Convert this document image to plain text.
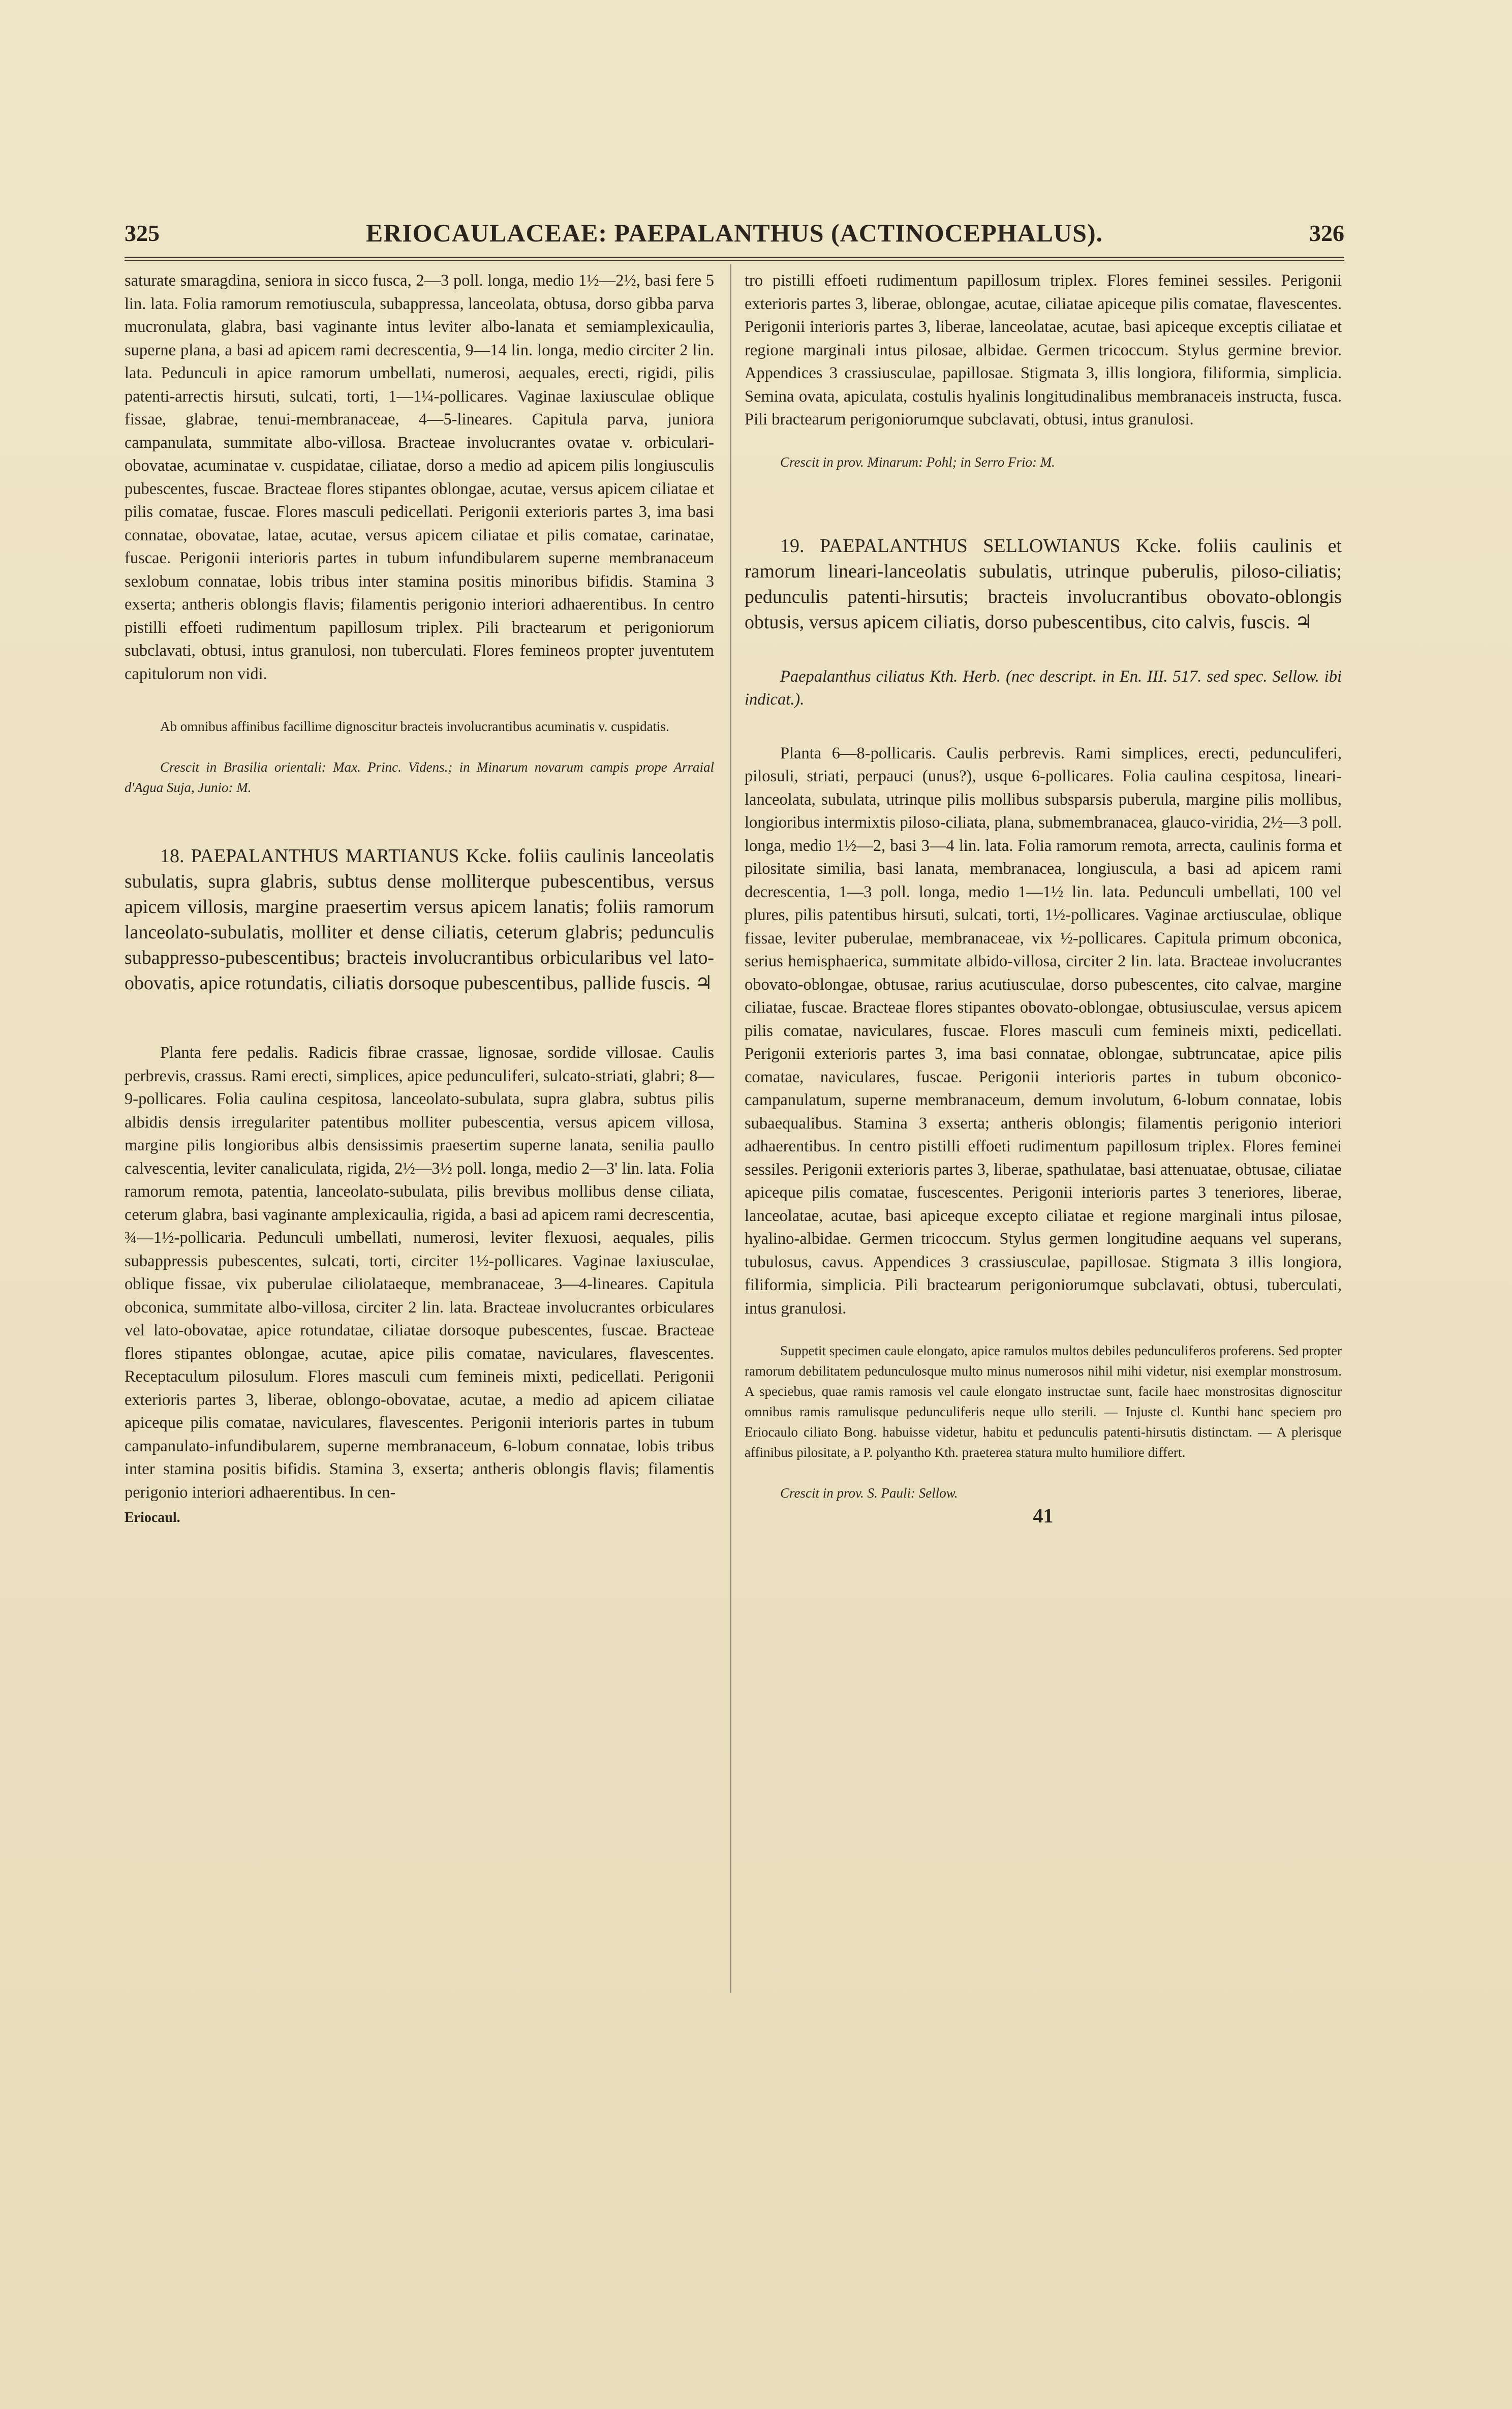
325	ERIOCAULACEAE: PAEPALANTHUS (ACTINOCEPHALUS).	326

saturate smaragdina, seniora in sicco fusca, 2—3 poll. longa, medio 1½—2½, basi fere 5 lin. lata. Folia ramorum remotiuscula, subappressa, lanceolata, obtusa, dorso gibba parva mucronulata, glabra, basi vaginante intus leviter albo-lanata et semiamplexicaulia, superne plana, a basi ad apicem rami decrescentia, 9—14 lin. longa, medio circiter 2 lin. lata. Pedunculi in apice ramorum umbellati, numerosi, aequales, erecti, rigidi, pilis patenti-arrectis hirsuti, sulcati, torti, 1—1¼-pollicares. Vaginae laxiusculae oblique fissae, glabrae, tenui-membranaceae, 4—5-lineares. Capitula parva, juniora campanulata, summitate albo-villosa. Bracteae involucrantes ovatae v. orbiculari-obovatae, acuminatae v. cuspidatae, ciliatae, dorso a medio ad apicem pilis longiusculis pubescentes, fuscae. Bracteae flores stipantes oblongae, acutae, versus apicem ciliatae et pilis comatae, fuscae. Flores masculi pedicellati. Perigonii exterioris partes 3, ima basi connatae, obovatae, latae, acutae, versus apicem ciliatae et pilis comatae, carinatae, fuscae. Perigonii interioris partes in tubum infundibularem superne membranaceum sexlobum connatae, lobis tribus inter stamina positis minoribus bifidis. Stamina 3 exserta; antheris oblongis flavis; filamentis perigonio interiori adhaerentibus. In centro pistilli effoeti rudimentum papillosum triplex. Pili bractearum et perigoniorum subclavati, obtusi, intus granulosi, non tuberculati. Flores femineos propter juventutem capitulorum non vidi.

Ab omnibus affinibus facillime dignoscitur bracteis involucrantibus acuminatis v. cuspidatis.

Crescit in Brasilia orientali: Max. Princ. Videns.; in Minarum novarum campis prope Arraial d'Agua Suja, Junio: M.

18. PAEPALANTHUS MARTIANUS Kcke. foliis caulinis lanceolatis subulatis, supra glabris, subtus dense molliterque pubescentibus, versus apicem villosis, margine praesertim versus apicem lanatis; foliis ramorum lanceolato-subulatis, molliter et dense ciliatis, ceterum glabris; pedunculis subappresso-pubescentibus; bracteis involucrantibus orbicularibus vel lato-obovatis, apice rotundatis, ciliatis dorsoque pubescentibus, pallide fuscis. ♃

Planta fere pedalis. Radicis fibrae crassae, lignosae, sordide villosae. Caulis perbrevis, crassus. Rami erecti, simplices, apice pedunculiferi, sulcato-striati, glabri; 8—9-pollicares. Folia caulina cespitosa, lanceolato-subulata, supra glabra, subtus pilis albidis densis irregulariter patentibus molliter pubescentia, versus apicem villosa, margine pilis longioribus albis densissimis praesertim superne lanata, senilia paullo calvescentia, leviter canaliculata, rigida, 2½—3½ poll. longa, medio 2—3' lin. lata. Folia ramorum remota, patentia, lanceolato-subulata, pilis brevibus mollibus dense ciliata, ceterum glabra, basi vaginante amplexicaulia, rigida, a basi ad apicem rami decrescentia, ¾—1½-pollicaria. Pedunculi umbellati, numerosi, leviter flexuosi, aequales, pilis subappressis pubescentes, sulcati, torti, circiter 1½-pollicares. Vaginae laxiusculae, oblique fissae, vix puberulae ciliolataeque, membranaceae, 3—4-lineares. Capitula obconica, summitate albo-villosa, circiter 2 lin. lata. Bracteae involucrantes orbiculares vel lato-obovatae, apice rotundatae, ciliatae dorsoque pubescentes, fuscae. Bracteae flores stipantes oblongae, acutae, apice pilis comatae, naviculares, flavescentes. Receptaculum pilosulum. Flores masculi cum femineis mixti, pedicellati. Perigonii exterioris partes 3, liberae, oblongo-obovatae, acutae, a medio ad apicem ciliatae apiceque pilis comatae, naviculares, flavescentes. Perigonii interioris partes in tubum campanulato-infundibularem, superne membranaceum, 6-lobum connatae, lobis tribus inter stamina positis bifidis. Stamina 3, exserta; antheris oblongis flavis; filamentis perigonio interiori adhaerentibus. In cen-

Eriocaul.

tro pistilli effoeti rudimentum papillosum triplex. Flores feminei sessiles. Perigonii exterioris partes 3, liberae, oblongae, acutae, ciliatae apiceque pilis comatae, flavescentes. Perigonii interioris partes 3, liberae, lanceolatae, acutae, basi apiceque exceptis ciliatae et regione marginali intus pilosae, albidae. Germen tricoccum. Stylus germine brevior. Appendices 3 crassiusculae, papillosae. Stigmata 3, illis longiora, filiformia, simplicia. Semina ovata, apiculata, costulis hyalinis longitudinalibus membranaceis instructa, fusca. Pili bractearum perigoniorumque subclavati, obtusi, intus granulosi.

Crescit in prov. Minarum: Pohl; in Serro Frio: M.

19. PAEPALANTHUS SELLOWIANUS Kcke. foliis caulinis et ramorum lineari-lanceolatis subulatis, utrinque puberulis, piloso-ciliatis; pedunculis patenti-hirsutis; bracteis involucrantibus obovato-oblongis obtusis, versus apicem ciliatis, dorso pubescentibus, cito calvis, fuscis. ♃

Paepalanthus ciliatus Kth. Herb. (nec descript. in En. III. 517. sed spec. Sellow. ibi indicat.).

Planta 6—8-pollicaris. Caulis perbrevis. Rami simplices, erecti, pedunculiferi, pilosuli, striati, perpauci (unus?), usque 6-pollicares. Folia caulina cespitosa, lineari-lanceolata, subulata, utrinque pilis mollibus subsparsis puberula, margine pilis mollibus, longioribus intermixtis piloso-ciliata, plana, submembranacea, glauco-viridia, 2½—3 poll. longa, medio 1½—2, basi 3—4 lin. lata. Folia ramorum remota, arrecta, caulinis forma et pilositate similia, basi lanata, membranacea, longiuscula, a basi ad apicem rami decrescentia, 1—3 poll. longa, medio 1—1½ lin. lata. Pedunculi umbellati, 100 vel plures, pilis patentibus hirsuti, sulcati, torti, 1½-pollicares. Vaginae arctiusculae, oblique fissae, leviter puberulae, membranaceae, vix ½-pollicares. Capitula primum obconica, serius hemisphaerica, summitate albido-villosa, circiter 2 lin. lata. Bracteae involucrantes obovato-oblongae, obtusae, rarius acutiusculae, dorso pubescentes, cito calvae, margine ciliatae, fuscae. Bracteae flores stipantes obovato-oblongae, obtusiusculae, versus apicem pilis comatae, naviculares, fuscae. Flores masculi cum femineis mixti, pedicellati. Perigonii exterioris partes 3, ima basi connatae, oblongae, subtruncatae, apice pilis comatae, naviculares, fuscae. Perigonii interioris partes in tubum obconico-campanulatum, superne membranaceum, demum involutum, 6-lobum connatae, lobis subaequalibus. Stamina 3 exserta; antheris oblongis; filamentis perigonio interiori adhaerentibus. In centro pistilli effoeti rudimentum papillosum triplex. Flores feminei sessiles. Perigonii exterioris partes 3, liberae, spathulatae, basi attenuatae, obtusae, ciliatae apiceque pilis comatae, fuscescentes. Perigonii interioris partes 3 teneriores, liberae, lanceolatae, acutae, basi apiceque excepto ciliatae et regione marginali intus pilosae, hyalino-albidae. Germen tricoccum. Stylus germen longitudine aequans vel superans, tubulosus, cavus. Appendices 3 crassiusculae, papillosae. Stigmata 3 illis longiora, filiformia, simplicia. Pili bractearum perigoniorumque subclavati, obtusi, tuberculati, intus granulosi.

Suppetit specimen caule elongato, apice ramulos multos debiles pedunculiferos proferens. Sed propter ramorum debilitatem pedunculosque multo minus numerosos nihil mihi videtur, nisi exemplar monstrosum. A speciebus, quae ramis ramosis vel caule elongato instructae sunt, facile haec monstrositas dignoscitur omnibus ramis ramulisque pedunculiferis neque ullo sterili. — Injuste cl. Kunthi hanc speciem pro Eriocaulo ciliato Bong. habuisse videtur, habitu et pedunculis patenti-hirsutis distinctam. — A plerisque affinibus pilositate, a P. polyantho Kth. praeterea statura multo humiliore differt.

Crescit in prov. S. Pauli: Sellow.

41
